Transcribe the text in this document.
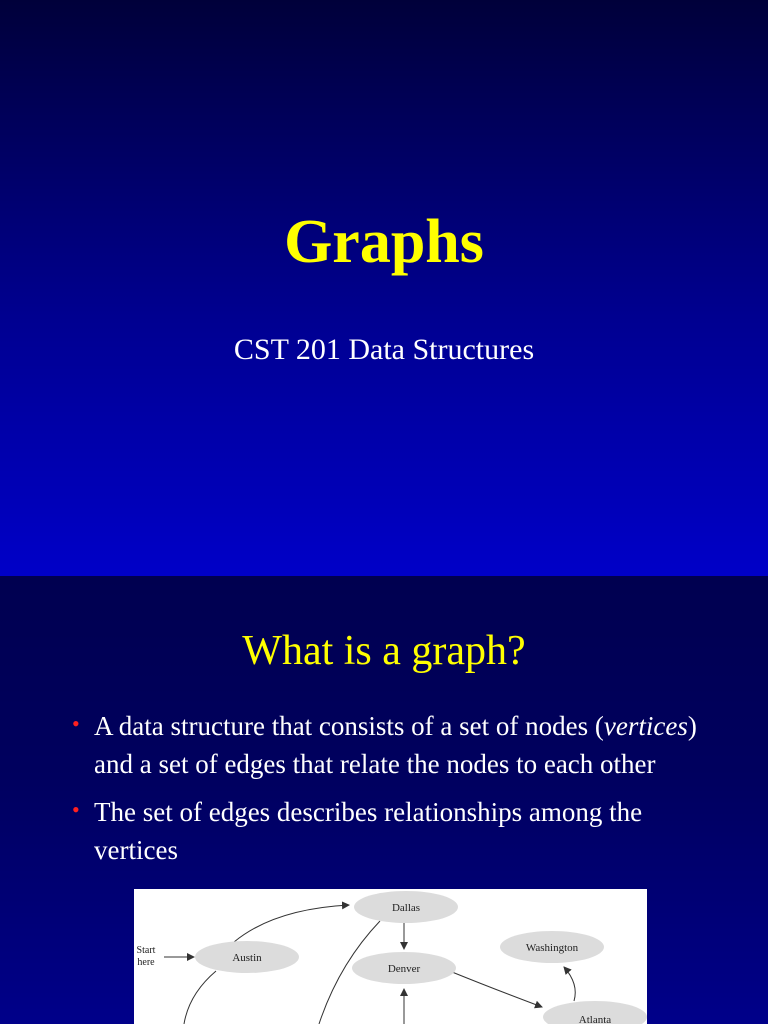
Graphs
CST 201 Data Structures
What is a graph?
• A data structure that consists of a set of nodes (vertices) and a set of edges that relate the nodes to each other
• The set of edges describes relationships among the vertices
Dallas
Austin
Washington
Denver
Atlanta
Start
here
